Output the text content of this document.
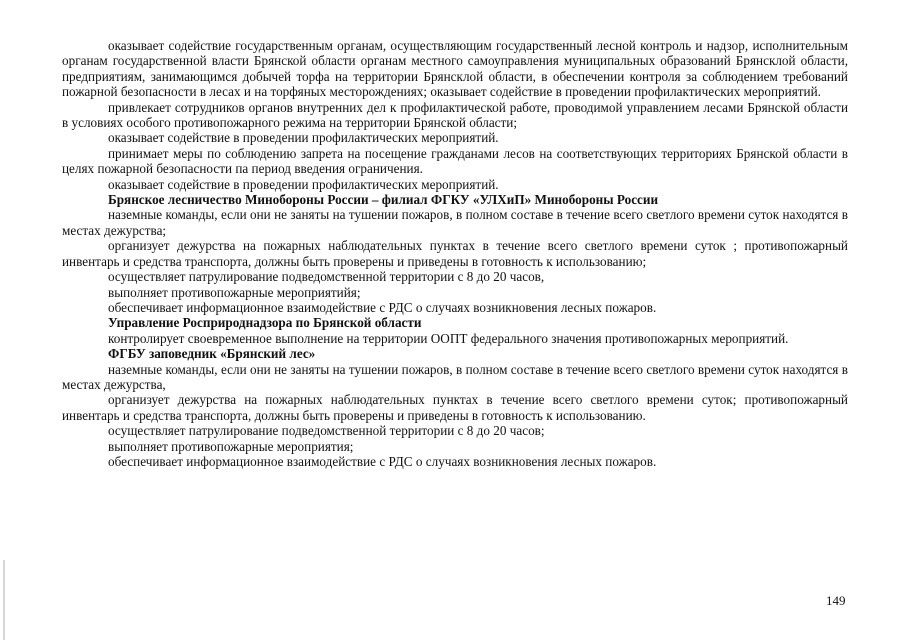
оказывает содействие государственным органам, осуществляющим государственный лесной контроль и надзор, исполнительным органам государственной власти Брянской области органам местного самоуправления муниципальных образований Брянсклой области, предприятиям, занимающимся добычей торфа на территории Брянсклой области, в обеспечении контроля за соблюдением требований пожарной безопасности в лесах и на торфяных месторождениях; оказывает содействие в проведении профилактических мероприятий.

привлекает сотрудников органов внутренних дел к профилактической работе, проводимой управлением лесами Брянской области в условиях особого противопожарного режима на территории Брянской области;

оказывает содействие в проведении профилактических мероприятий.

принимает меры по соблюдению запрета на посещение гражданами лесов на соответствующих территориях Брянской области в целях пожарной безопасности па период введения ограничения.

оказывает содействие в проведении профилактических мероприятий.

Брянское лесничество Минобороны России – филиал ФГКУ «УЛХиП» Минобороны России

наземные команды, если они не заняты на тушении пожаров, в полном составе в течение всего светлого времени суток находятся в местах дежурства;

организует дежурства на пожарных наблюдательных пунктах в течение всего светлого времени суток ; противопожарный инвентарь и средства транспорта, должны быть проверены и приведены в готовность к использованию;

осуществляет патрулирование подведомственной территории с 8 до 20 часов,

выполняет противопожарные мероприятийя;

обеспечивает информационное взаимодействие с РДС о случаях возникновения лесных пожаров.

Управление Росприроднадзора по Брянской области

контролирует своевременное выполнение на территории ООПТ федерального значения противопожарных мероприятий.

ФГБУ заповедник «Брянский лес»

наземные команды, если они не заняты на тушении пожаров, в полном составе в течение всего светлого времени суток находятся в местах дежурства,

организует дежурства на пожарных наблюдательных пунктах в течение всего светлого времени суток; противопожарный инвентарь и средства транспорта, должны быть проверены и приведены в готовность к использованию.

осуществляет патрулирование подведомственной территории с 8 до 20 часов;

выполняет противопожарные мероприятия;

обеспечивает информационное взаимодействие с РДС о случаях возникновения лесных пожаров.

149
